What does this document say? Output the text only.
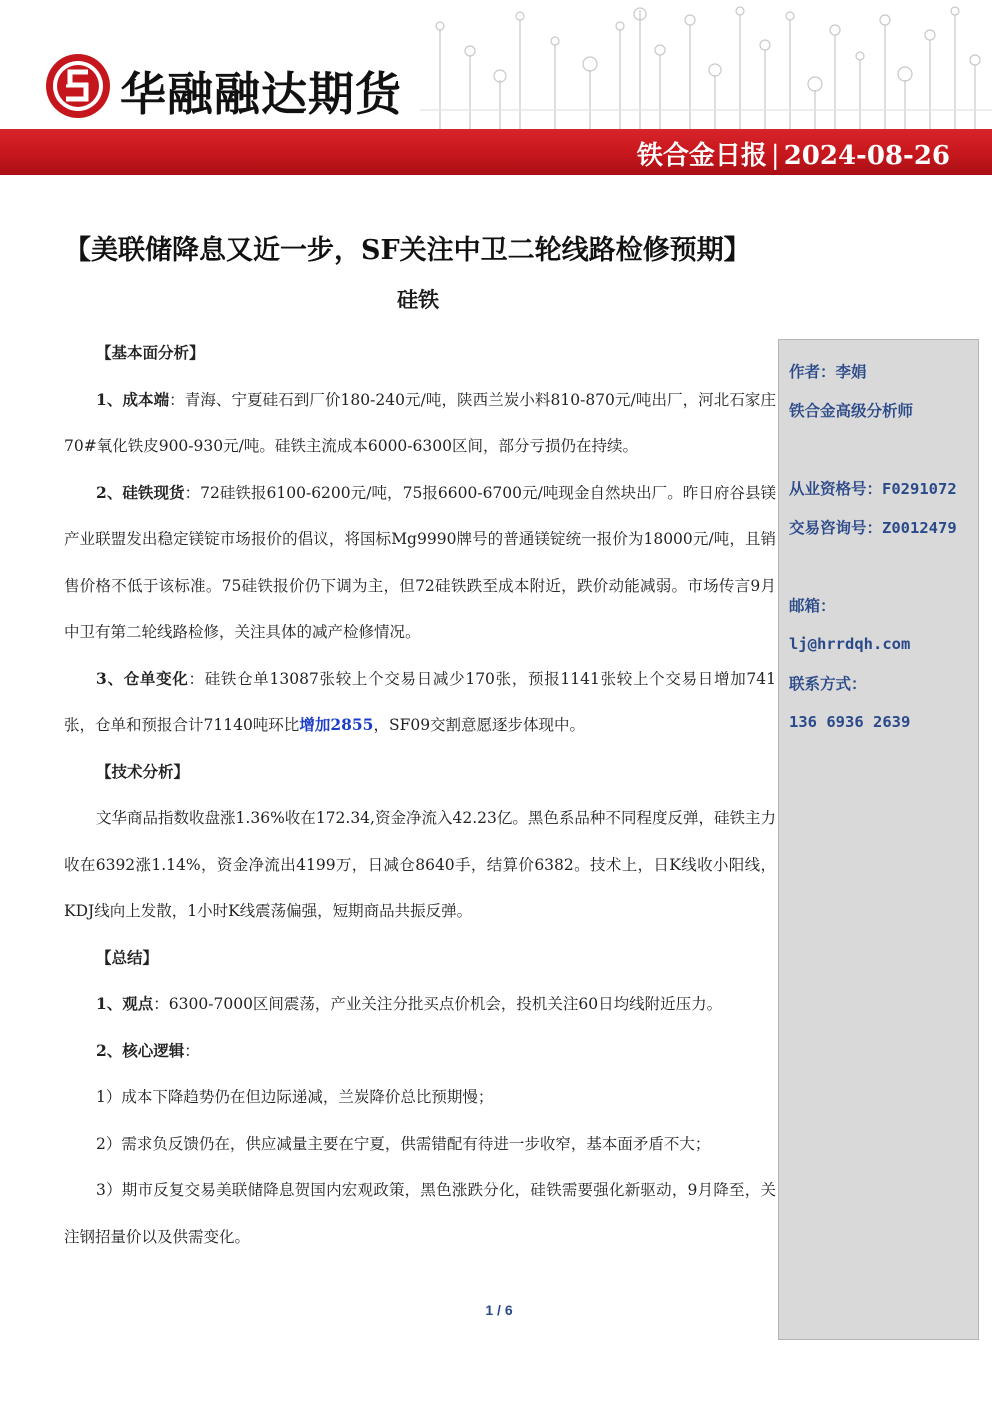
华融融达期货
铁合金日报 | 2024-08-26
【美联储降息又近一步，SF关注中卫二轮线路检修预期】
硅铁

【基本面分析】

1、成本端：青海、宁夏硅石到厂价180-240元/吨，陕西兰炭小料810-870元/吨出厂，河北石家庄70#氧化铁皮900-930元/吨。硅铁主流成本6000-6300区间，部分亏损仍在持续。

2、硅铁现货：72硅铁报6100-6200元/吨，75报6600-6700元/吨现金自然块出厂。昨日府谷县镁产业联盟发出稳定镁锭市场报价的倡议，将国标Mg9990牌号的普通镁锭统一报价为18000元/吨，且销售价格不低于该标准。75硅铁报价仍下调为主，但72硅铁跌至成本附近，跌价动能减弱。市场传言9月中卫有第二轮线路检修，关注具体的减产检修情况。

3、仓单变化：硅铁仓单13087张较上个交易日减少170张，预报1141张较上个交易日增加741张，仓单和预报合计71140吨环比增加2855，SF09交割意愿逐步体现中。

【技术分析】

文华商品指数收盘涨1.36%收在172.34,资金净流入42.23亿。黑色系品种不同程度反弹，硅铁主力收在6392涨1.14%，资金净流出4199万，日减仓8640手，结算价6382。技术上，日K线收小阳线，KDJ线向上发散，1小时K线震荡偏强，短期商品共振反弹。

【总结】

1、观点：6300-7000区间震荡，产业关注分批买点价机会，投机关注60日均线附近压力。

2、核心逻辑：

1）成本下降趋势仍在但边际递减，兰炭降价总比预期慢；

2）需求负反馈仍在，供应减量主要在宁夏，供需错配有待进一步收窄，基本面矛盾不大；

3）期市反复交易美联储降息贺国内宏观政策，黑色涨跌分化，硅铁需要强化新驱动，9月降至，关注钢招量价以及供需变化。

作者：李娟
铁合金高级分析师
从业资格号：F0291072
交易咨询号：Z0012479
邮箱：
lj@hrrdqh.com
联系方式：
136 6936 2639
1 / 6
